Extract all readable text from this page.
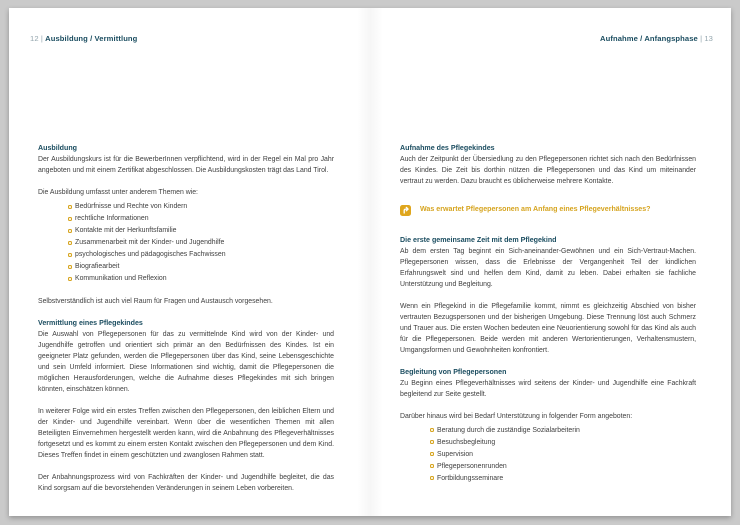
12 | Ausbildung / Vermittlung
Ausbildung

Der Ausbildungskurs ist für die BewerberInnen verpflichtend, wird in der Regel ein Mal pro Jahr angeboten und mit einem Zertifikat abgeschlossen. Die Ausbildungskosten trägt das Land Tirol.

Die Ausbildung umfasst unter anderem Themen wie:

Bedürfnisse und Rechte von Kindern
rechtliche Informationen
Kontakte mit der Herkunftsfamilie
Zusammenarbeit mit der Kinder- und Jugendhilfe
psychologisches und pädagogisches Fachwissen
Biografiearbeit
Kommunikation und Reflexion

Selbstverständlich ist auch viel Raum für Fragen und Austausch vorgesehen.

Vermittlung eines Pflegekindes

Die Auswahl von Pflegepersonen für das zu vermittelnde Kind wird von der Kinder- und Jugendhilfe getroffen und orientiert sich primär an den Bedürfnissen des Kindes. Ist ein geeigneter Platz gefunden, werden die Pflegepersonen über das Kind, seine Lebensgeschichte und sein Umfeld informiert. Diese Informationen sind wichtig, damit die Pflegepersonen die möglichen Herausforderungen, welche die Aufnahme dieses Pflegekindes mit sich bringen könnten, einschätzen können.

In weiterer Folge wird ein erstes Treffen zwischen den Pflegepersonen, den leiblichen Eltern und der Kinder- und Jugendhilfe vereinbart. Wenn über die wesentlichen Themen mit allen Beteiligten Einvernehmen hergestellt werden kann, wird die Anbahnung des Pflegeverhältnisses fortgesetzt und es kommt zu einem ersten Kontakt zwischen den Pflegepersonen und dem Kind. Dieses Treffen findet in einem geschützten und zwanglosen Rahmen statt.

Der Anbahnungsprozess wird von Fachkräften der Kinder- und Jugendhilfe begleitet, die das Kind sorgsam auf die bevorstehenden Veränderungen in seinem Leben vorbereiten.

Aufnahme / Anfangsphase | 13
Aufnahme des Pflegekindes

Auch der Zeitpunkt der Übersiedlung zu den Pflegepersonen richtet sich nach den Bedürfnissen des Kindes. Die Zeit bis dorthin nützen die Pflegepersonen und das Kind um miteinander vertraut zu werden. Dazu braucht es üblicherweise mehrere Kontakte.

Was erwartet Pflegepersonen am Anfang eines Pflegeverhältnisses?
Die erste gemeinsame Zeit mit dem Pflegekind

Ab dem ersten Tag beginnt ein Sich-aneinander-Gewöhnen und ein Sich-Vertraut-Machen. Pflegepersonen wissen, dass die Erlebnisse der Vergangenheit Teil der kindlichen Erfahrungswelt sind und helfen dem Kind, damit zu leben. Dabei erhalten sie fachliche Unterstützung und Begleitung.

Wenn ein Pflegekind in die Pflegefamilie kommt, nimmt es gleichzeitig Abschied von bisher vertrauten Bezugspersonen und der bisherigen Umgebung. Diese Trennung löst auch Schmerz und Trauer aus. Die ersten Wochen bedeuten eine Neuorientierung sowohl für das Kind als auch für die Pflegepersonen. Beide werden mit anderen Wertorientierungen, Verhaltensmustern, Umgangsformen und Gewohnheiten konfrontiert.

Begleitung von Pflegepersonen

Zu Beginn eines Pflegeverhältnisses wird seitens der Kinder- und Jugendhilfe eine Fachkraft begleitend zur Seite gestellt.

Darüber hinaus wird bei Bedarf Unterstützung in folgender Form angeboten:

Beratung durch die zuständige Sozialarbeiterin
Besuchsbegleitung
Supervision
Pflegepersonenrunden
Fortbildungsseminare
